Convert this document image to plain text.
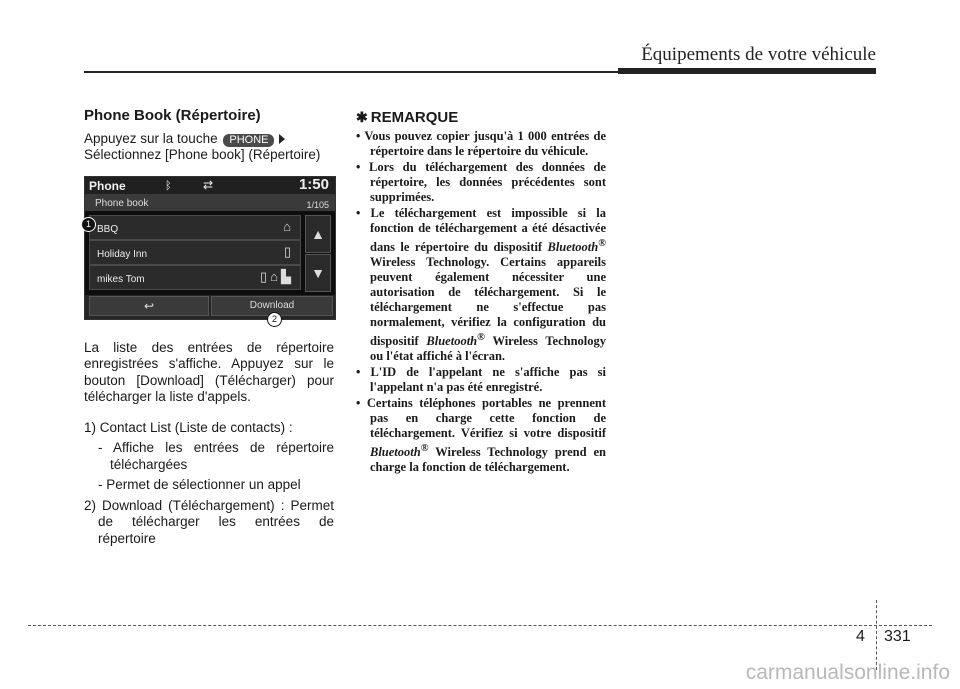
Équipements de votre véhicule
Phone Book (Répertoire)

Appuyez sur la touche PHONE
Sélectionnez [Phone book] (Répertoire)

Phone	ᛒ	⇄	1:50
Phone book	1/105
BBQ	⌂
Holiday Inn	▯
mikes Tom	▯⌂▙
▲
▼
↩	Download
1
2

La liste des entrées de répertoire enregistrées s'affiche. Appuyez sur le bouton [Download] (Télécharger) pour télécharger la liste d'appels.

1) Contact List (Liste de contacts) :
- Affiche les entrées de répertoire téléchargées
- Permet de sélectionner un appel
2) Download (Téléchargement) : Permet de télécharger les entrées de répertoire
✱ REMARQUE
• Vous pouvez copier jusqu'à 1 000 entrées de répertoire dans le répertoire du véhicule.
• Lors du téléchargement des données de répertoire, les données précédentes sont supprimées.
• Le téléchargement est impossible si la fonction de téléchargement a été désactivée dans le répertoire du dispositif Bluetooth® Wireless Technology. Certains appareils peuvent également nécessiter une autorisation de téléchargement. Si le téléchargement ne s'effectue pas normalement, vérifiez la configuration du dispositif Bluetooth® Wireless Technology ou l'état affiché à l'écran.
• L'ID de l'appelant ne s'affiche pas si l'appelant n'a pas été enregistré.
• Certains téléphones portables ne prennent pas en charge cette fonction de téléchargement. Vérifiez si votre dispositif Bluetooth® Wireless Technology prend en charge la fonction de téléchargement.
4 331
carmanualsonline.info
